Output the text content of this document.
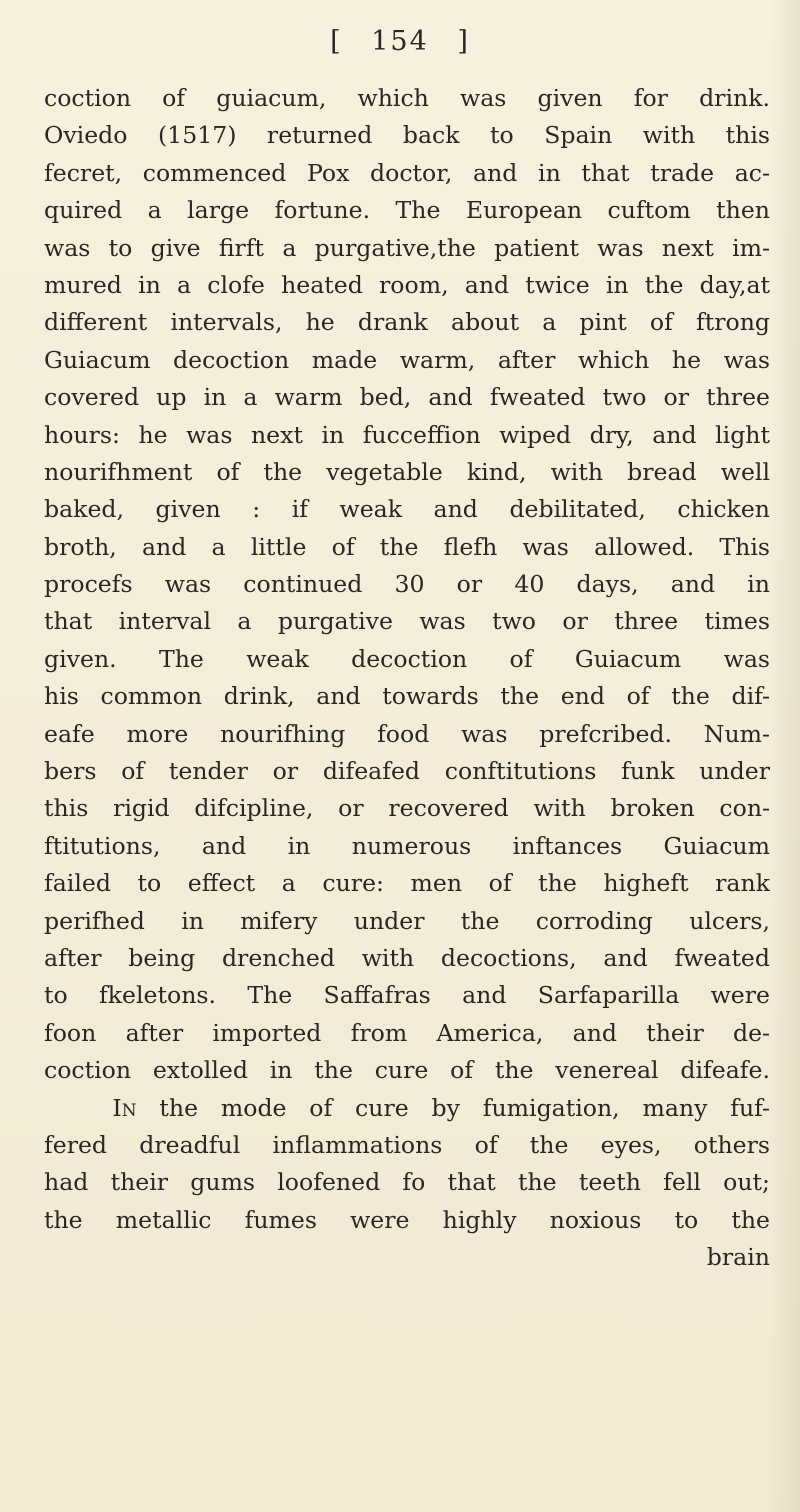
[ 154 ]
coction of guiacum, which was given for drink.
Oviedo (1517) returned back to Spain with this
fecret, commenced Pox doctor, and in that trade ac-
quired a large fortune. The European cuftom then
was to give firft a purgative,the patient was next im-
mured in a clofe heated room, and twice in the day,at
different intervals, he drank about a pint of ftrong
Guiacum decoction made warm, after which he was
covered up in a warm bed, and fweated two or three
hours: he was next in fucceffion wiped dry, and light
nourifhment of the vegetable kind, with bread well
baked, given : if weak and debilitated, chicken
broth, and a little of the flefh was allowed. This
procefs was continued 30 or 40 days, and in
that interval a purgative was two or three times
given. The weak decoction of Guiacum was
his common drink, and towards the end of the dif-
eafe more nourifhing food was prefcribed. Num-
bers of tender or difeafed conftitutions funk under
this rigid difcipline, or recovered with broken con-
ftitutions, and in numerous inftances Guiacum
failed to effect a cure: men of the higheft rank
perifhed in mifery under the corroding ulcers,
after being drenched with decoctions, and fweated
to fkeletons. The Saffafras and Sarfaparilla were
foon after imported from America, and their de-
coction extolled in the cure of the venereal difeafe.
In the mode of cure by fumigation, many fuf-
fered dreadful inflammations of the eyes, others
had their gums loofened fo that the teeth fell out;
the metallic fumes were highly noxious to the
brain
